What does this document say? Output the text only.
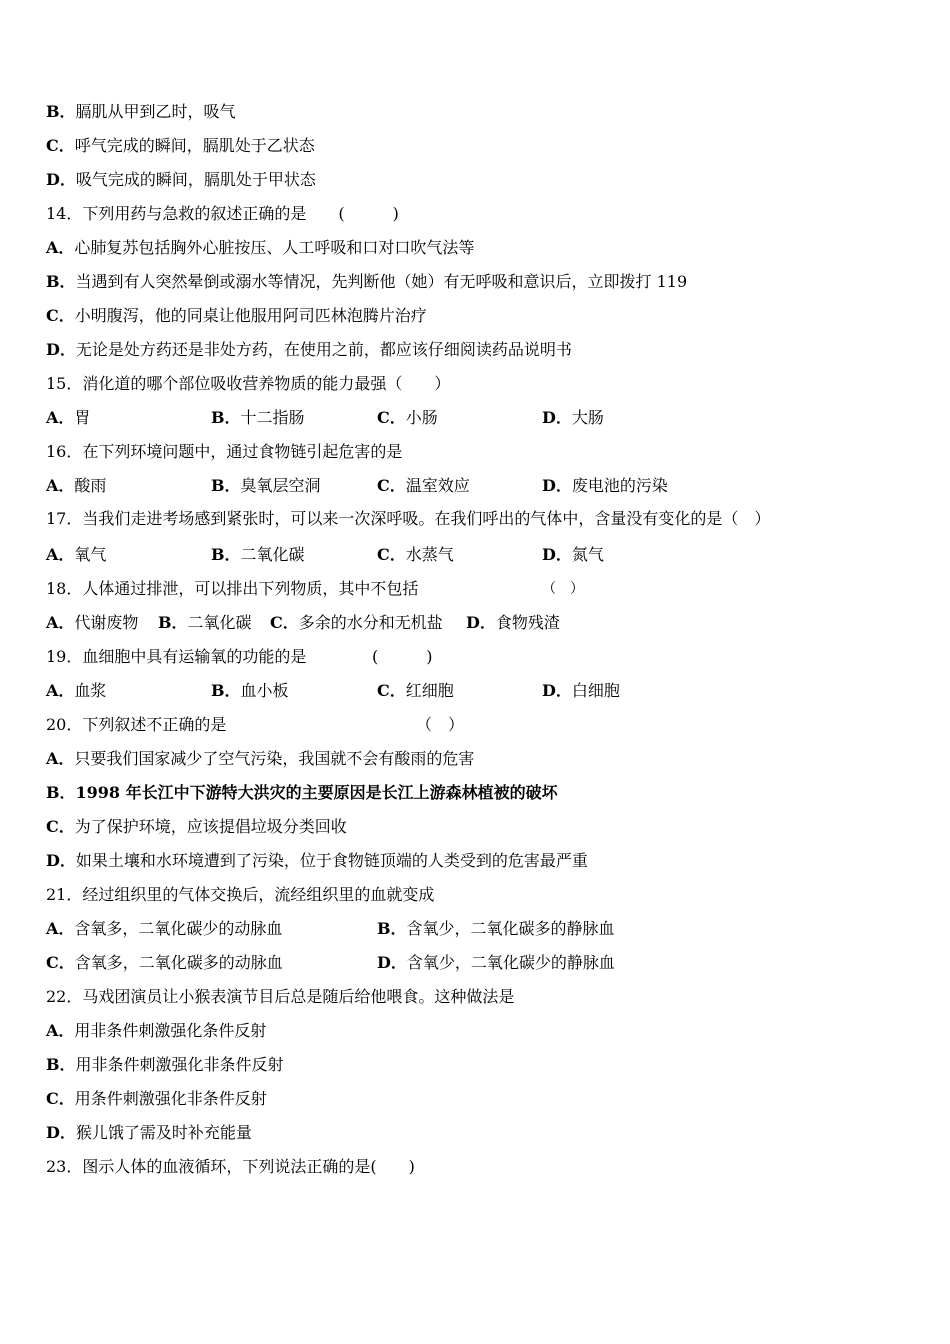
B．膈肌从甲到乙时，吸气
C．呼气完成的瞬间，膈肌处于乙状态
D．吸气完成的瞬间，膈肌处于甲状态
14．下列用药与急救的叙述正确的是　　(　　　)
A．心肺复苏包括胸外心脏按压、人工呼吸和口对口吹气法等
B．当遇到有人突然晕倒或溺水等情况，先判断他（她）有无呼吸和意识后，立即拨打 119
C．小明腹泻，他的同桌让他服用阿司匹林泡腾片治疗
D．无论是处方药还是非处方药，在使用之前，都应该仔细阅读药品说明书
15．消化道的哪个部位吸收营养物质的能力最强（　　）
A．胃	B．十二指肠	C．小肠	D．大肠
16．在下列环境问题中，通过食物链引起危害的是
A．酸雨	B．臭氧层空洞	C．温室效应	D．废电池的污染
17．当我们走进考场感到紧张时，可以来一次深呼吸。在我们呼出的气体中，含量没有变化的是（　）
A．氧气	B．二氧化碳	C．水蒸气	D．氮气
18．人体通过排泄，可以排出下列物质，其中不包括	（　）
A．代谢废物 B．二氧化碳 C．多余的水分和无机盐 D．食物残渣
19．血细胞中具有运输氧的功能的是	(　　　)
A．血浆	B．血小板	C．红细胞	D．白细胞
20．下列叙述不正确的是	（　）
A．只要我们国家减少了空气污染，我国就不会有酸雨的危害
B．1998 年长江中下游特大洪灾的主要原因是长江上游森林植被的破坏
C．为了保护环境，应该提倡垃圾分类回收
D．如果土壤和水环境遭到了污染，位于食物链顶端的人类受到的危害最严重
21．经过组织里的气体交换后，流经组织里的血就变成
A．含氧多，二氧化碳少的动脉血	B．含氧少，二氧化碳多的静脉血
C．含氧多，二氧化碳多的动脉血	D．含氧少，二氧化碳少的静脉血
22．马戏团演员让小猴表演节目后总是随后给他喂食。这种做法是
A．用非条件刺激强化条件反射
B．用非条件刺激强化非条件反射
C．用条件刺激强化非条件反射
D．猴儿饿了需及时补充能量
23．图示人体的血液循环，下列说法正确的是(　　)
